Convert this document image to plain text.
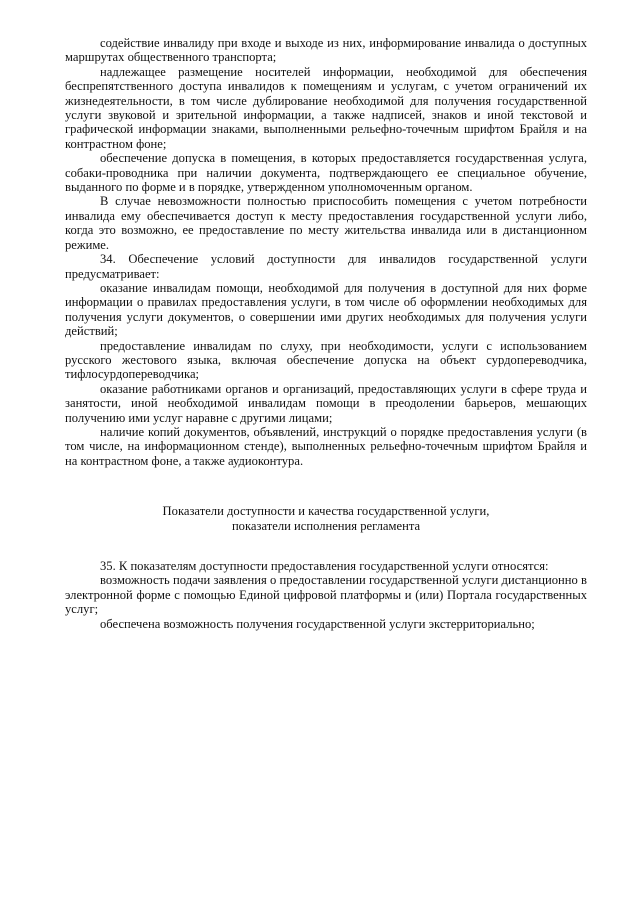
содействие инвалиду при входе и выходе из них, информирование инвалида о доступных маршрутах общественного транспорта;

надлежащее размещение носителей информации, необходимой для обеспечения беспрепятственного доступа инвалидов к помещениям и услугам, с учетом ограничений их жизнедеятельности, в том числе дублирование необходимой для получения государственной услуги звуковой и зрительной информации, а также надписей, знаков и иной текстовой и графической информации знаками, выполненными рельефно-точечным шрифтом Брайля и на контрастном фоне;

обеспечение допуска в помещения, в которых предоставляется государственная услуга, собаки-проводника при наличии документа, подтверждающего ее специальное обучение, выданного по форме и в порядке, утвержденном уполномоченным органом.

В случае невозможности полностью приспособить помещения с учетом потребности инвалида ему обеспечивается доступ к месту предоставления государственной услуги либо, когда это возможно, ее предоставление по месту жительства инвалида или в дистанционном режиме.

34. Обеспечение условий доступности для инвалидов государственной услуги предусматривает:

оказание инвалидам помощи, необходимой для получения в доступной для них форме информации о правилах предоставления услуги, в том числе об оформлении необходимых для получения услуги документов, о совершении ими других необходимых для получения услуги действий;

предоставление инвалидам по слуху, при необходимости, услуги с использованием русского жестового языка, включая обеспечение допуска на объект сурдопереводчика, тифлосурдопереводчика;

оказание работниками органов и организаций, предоставляющих услуги в сфере труда и занятости, иной необходимой инвалидам помощи в преодолении барьеров, мешающих получению ими услуг наравне с другими лицами;

наличие копий документов, объявлений, инструкций о порядке предоставления услуги (в том числе, на информационном стенде), выполненных рельефно-точечным шрифтом Брайля и на контрастном фоне, а также аудиоконтура.

Показатели доступности и качества государственной услуги,

показатели исполнения регламента

35. К показателям доступности предоставления государственной услуги относятся:

возможность подачи заявления о предоставлении государственной услуги дистанционно в электронной форме с помощью Единой цифровой платформы и (или) Портала государственных услуг;

обеспечена возможность получения государственной услуги экстерриториально;
